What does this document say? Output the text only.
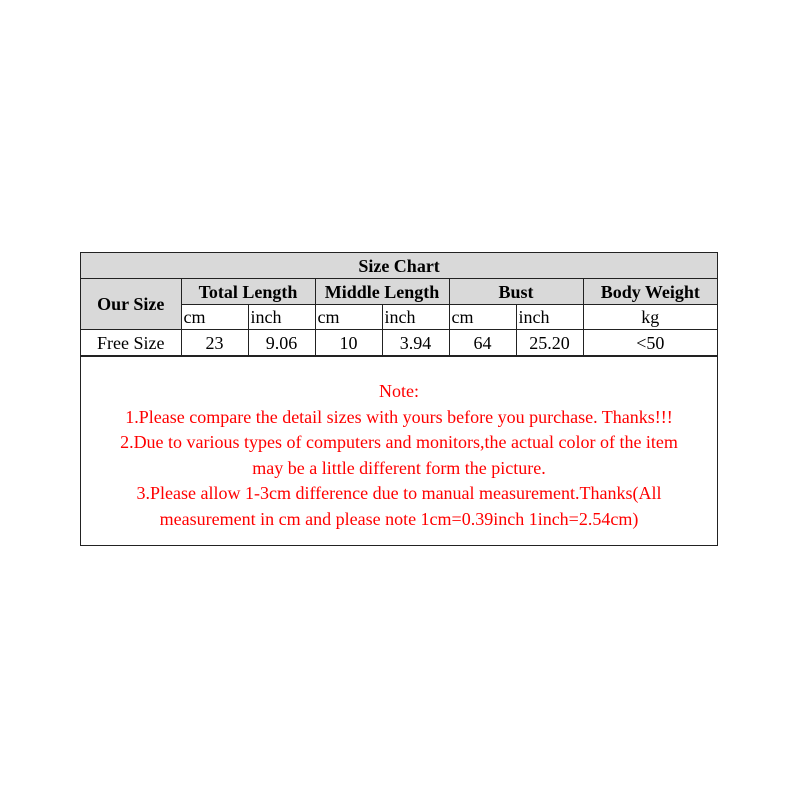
Size Chart							
Our Size	Total Length		Middle Length		Bust		Body Weight
	cm	inch	cm	inch	cm	inch	kg
Free Size	23	9.06	10	3.94	64	25.20	<50
Note:
1.Please compare the detail sizes with yours before you purchase. Thanks!!!
2.Due to various types of computers and monitors,the actual color of the item
may be a little different form the picture.
3.Please allow 1-3cm difference due to manual measurement.Thanks(All
measurement in cm and please note 1cm=0.39inch 1inch=2.54cm)
